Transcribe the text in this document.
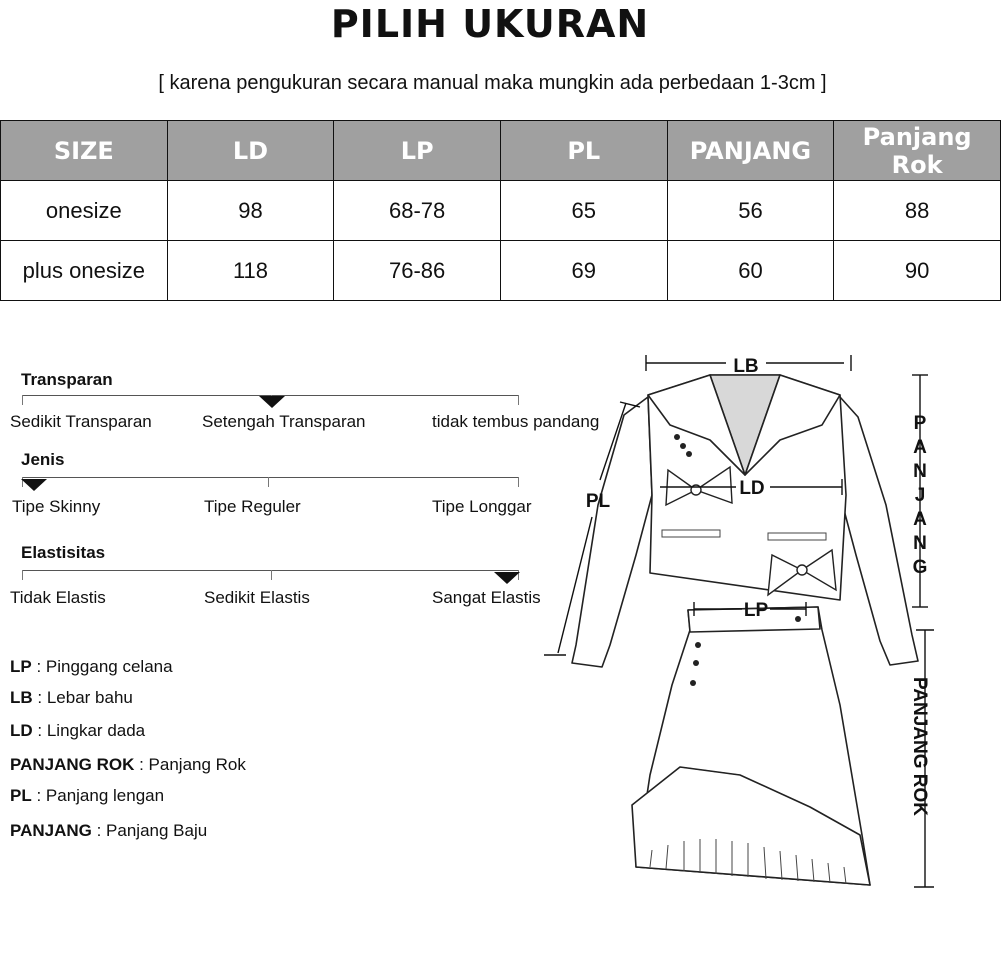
PILIH UKURAN
[ karena pengukuran secara manual maka mungkin ada perbedaan 1-3cm ]
SIZE	LD	LP	PL	PANJANG	Panjang Rok
onesize	98	68-78	65	56	88
plus onesize	118	76-86	69	60	90
Transparan
Sedikit Transparan	Setengah Transparan	tidak tembus pandang
Jenis
Tipe Skinny	Tipe Reguler	Tipe Longgar
Elastisitas
Tidak Elastis	Sedikit Elastis	Sangat Elastis
LP : Pinggang celana
LB : Lebar bahu
LD : Lingkar dada
PANJANG ROK : Panjang Rok
PL : Panjang lengan
PANJANG : Panjang Baju
LB
LD
LP
PL
P A N J A N G
PANJANG ROK
